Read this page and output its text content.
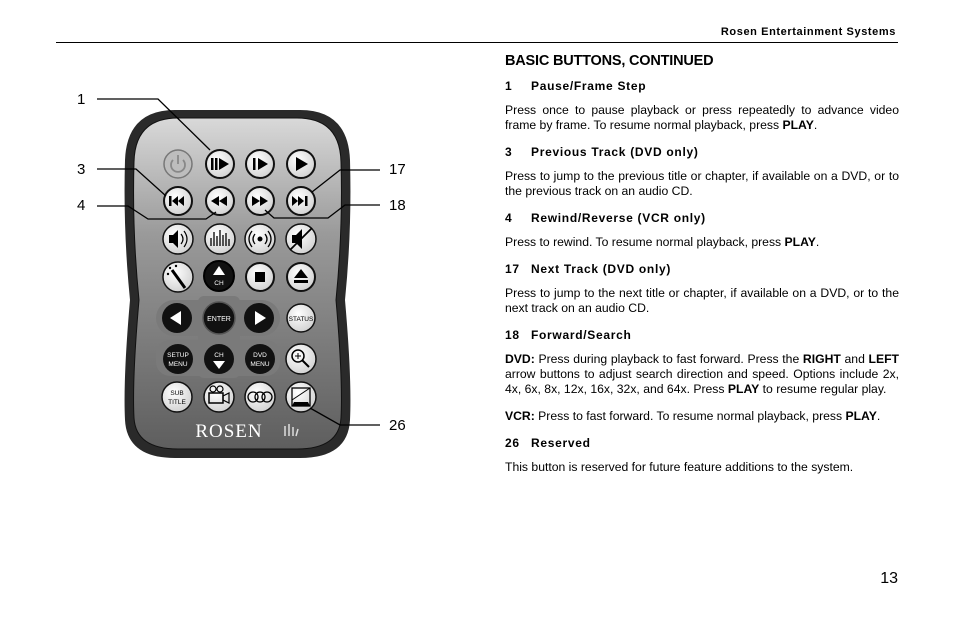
Rosen Entertainment Systems
CH
ENTER	STATUS
SETUP
MENU
CH	DVD
MENU
SUB
TITLE
ROSEN
1
3
4
17
18
26
BASIC BUTTONS, CONTINUED
1 Pause/Frame Step

Press once to pause playback or press repeatedly to advance video frame by frame. To resume normal playback, press PLAY.

3 Previous Track (DVD only)

Press to jump to the previous title or chapter, if available on a DVD, or to the previous track on an audio CD.

4 Rewind/Reverse (VCR only)

Press to rewind. To resume normal playback, press PLAY.

17 Next Track (DVD only)

Press to jump to the next title or chapter, if available on a DVD, or to the next track on an audio CD.

18 Forward/Search

DVD: Press during playback to fast forward. Press the RIGHT and LEFT arrow buttons to adjust search direction and speed. Options include 2x, 4x, 6x, 8x, 12x, 16x, 32x, and 64x. Press PLAY to resume regular play.

VCR: Press to fast forward. To resume normal playback, press PLAY.

26 Reserved

This button is reserved for future feature additions to the system.

13
